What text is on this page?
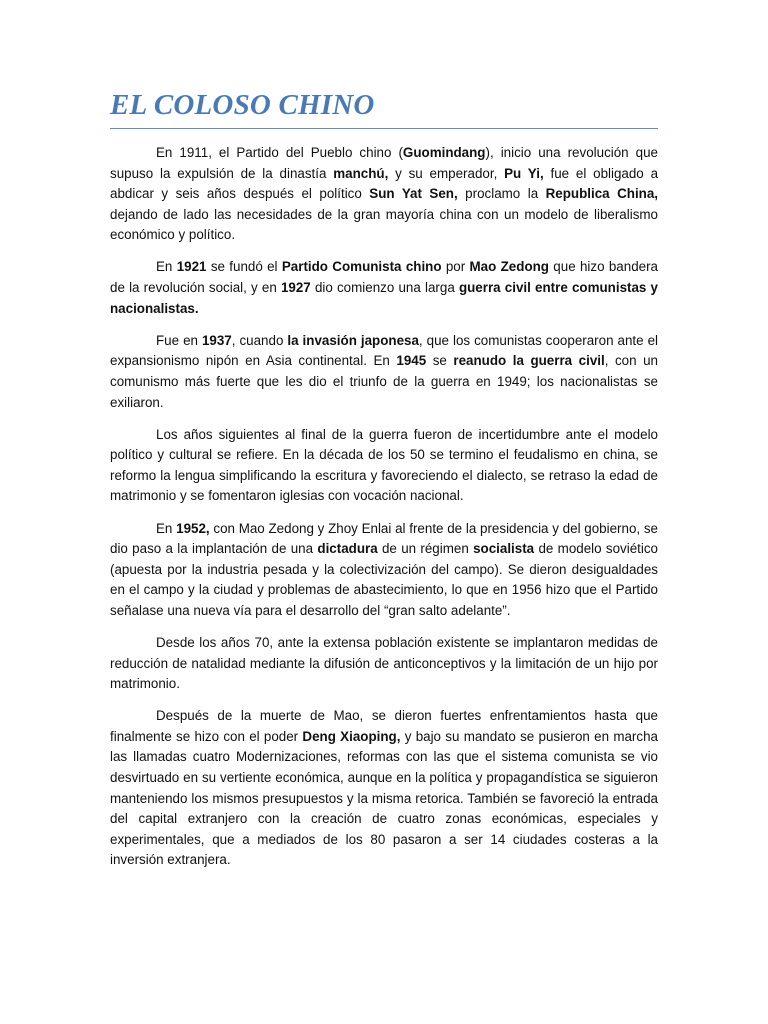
EL COLOSO CHINO

En 1911, el Partido del Pueblo chino (Guomindang), inicio una revolución que supuso la expulsión de la dinastía manchú, y su emperador, Pu Yi, fue el obligado a abdicar y seis años después el político Sun Yat Sen, proclamo la Republica China, dejando de lado las necesidades de la gran mayoría china con un modelo de liberalismo económico y político.

En 1921 se fundó el Partido Comunista chino por Mao Zedong que hizo bandera de la revolución social, y en 1927 dio comienzo una larga guerra civil entre comunistas y nacionalistas.

Fue en 1937, cuando la invasión japonesa, que los comunistas cooperaron ante el expansionismo nipón en Asia continental. En 1945 se reanudo la guerra civil, con un comunismo más fuerte que les dio el triunfo de la guerra en 1949; los nacionalistas se exiliaron.

Los años siguientes al final de la guerra fueron de incertidumbre ante el modelo político y cultural se refiere. En la década de los 50 se termino el feudalismo en china, se reformo la lengua simplificando la escritura y favoreciendo el dialecto, se retraso la edad de matrimonio y se fomentaron iglesias con vocación nacional.

En 1952, con Mao Zedong y Zhoy Enlai al frente de la presidencia y del gobierno, se dio paso a la implantación de una dictadura de un régimen socialista de modelo soviético (apuesta por la industria pesada y la colectivización del campo). Se dieron desigualdades en el campo y la ciudad y problemas de abastecimiento, lo que en 1956 hizo que el Partido señalase una nueva vía para el desarrollo del “gran salto adelante”.

Desde los años 70, ante la extensa población existente se implantaron medidas de reducción de natalidad mediante la difusión de anticonceptivos y la limitación de un hijo por matrimonio.

Después de la muerte de Mao, se dieron fuertes enfrentamientos hasta que finalmente se hizo con el poder Deng Xiaoping, y bajo su mandato se pusieron en marcha las llamadas cuatro Modernizaciones, reformas con las que el sistema comunista se vio desvirtuado en su vertiente económica, aunque en la política y propagandística se siguieron manteniendo los mismos presupuestos y la misma retorica. También se favoreció la entrada del capital extranjero con la creación de cuatro zonas económicas, especiales y experimentales, que a mediados de los 80 pasaron a ser 14 ciudades costeras a la inversión extranjera.
